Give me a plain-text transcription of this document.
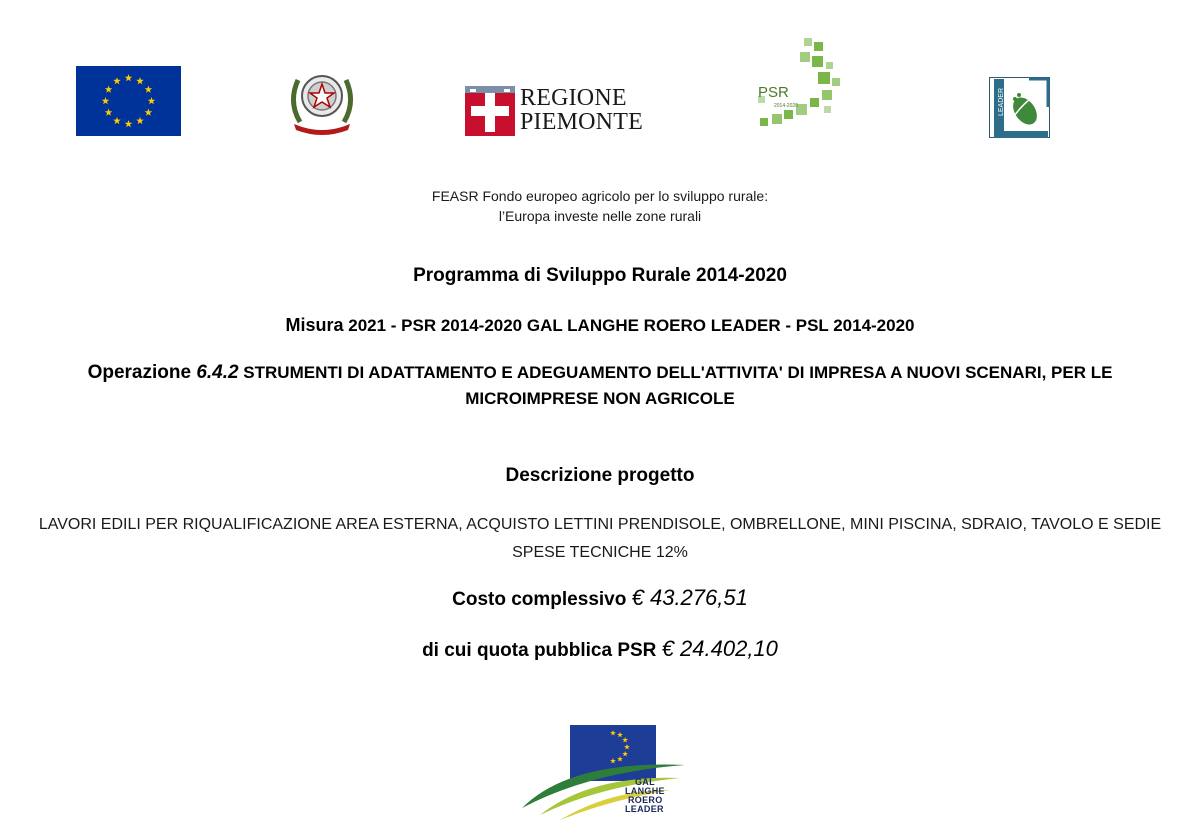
REGIONE
PIEMONTE
PSR
2014-2020	LEADER
FEASR Fondo europeo agricolo per lo sviluppo rurale:
l’Europa investe nelle zone rurali
Programma di Sviluppo Rurale 2014-2020
Misura 2021 - PSR 2014-2020 GAL LANGHE ROERO LEADER - PSL 2014-2020
Operazione 6.4.2 STRUMENTI DI ADATTAMENTO E ADEGUAMENTO DELL'ATTIVITA' DI IMPRESA A NUOVI SCENARI, PER LE MICROIMPRESE NON AGRICOLE
Descrizione progetto
LAVORI EDILI PER RIQUALIFICAZIONE AREA ESTERNA, ACQUISTO LETTINI PRENDISOLE, OMBRELLONE, MINI PISCINA, SDRAIO, TAVOLO E SEDIE SPESE TECNICHE 12%
Costo complessivo € 43.276,51
di cui quota pubblica PSR € 24.402,10
GAL
LANGHE
ROERO
LEADER
